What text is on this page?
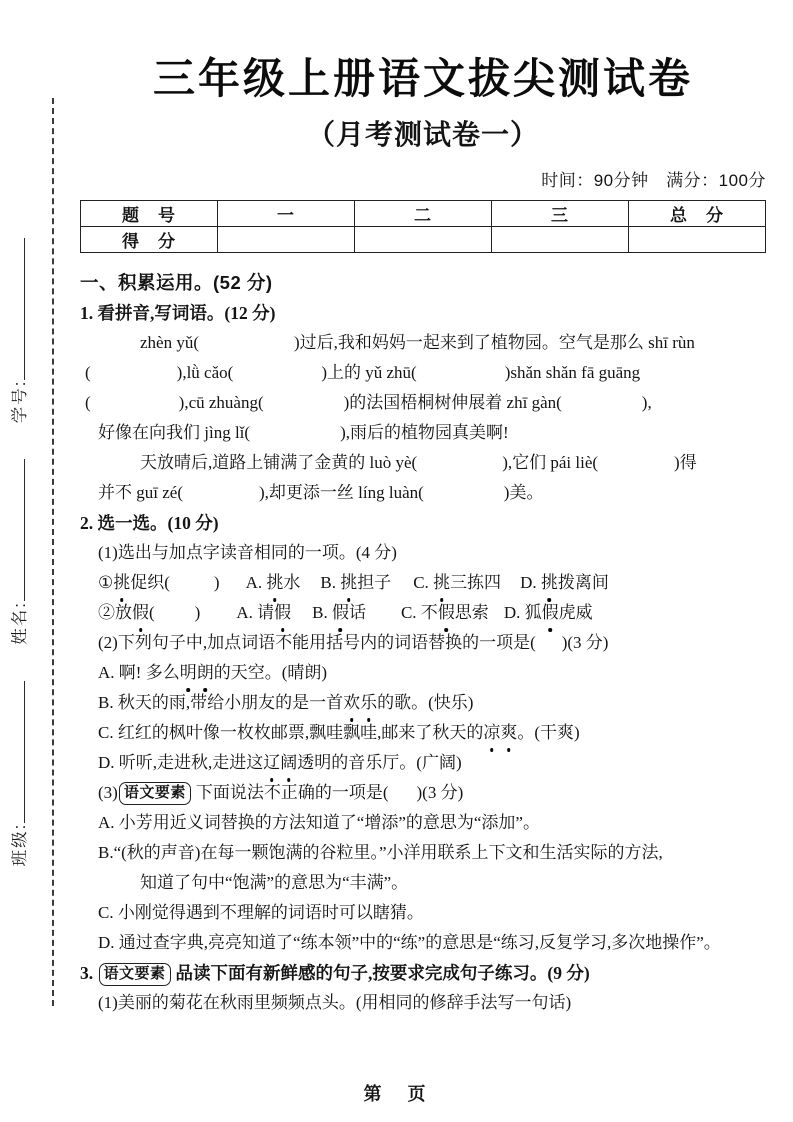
班级:
姓名:
学号:
三年级上册语文拔尖测试卷
（月考测试卷一）
时间：90分钟　满分：100分
题　号	一	二	三	总　分
得　分				
一、积累运用。(52 分)
1. 看拼音,写词语。(12 分)
zhèn yǔ(	)过后,我和妈妈一起来到了植物园。空气是那么 shī rùn
(	),lǜ cǎo(	)上的 yǔ zhū(	)shǎn shǎn fā guāng
(	),cū zhuàng(	)的法国梧桐树伸展着 zhī gàn(	),
好像在向我们 jìng lǐ(	),雨后的植物园真美啊!
天放晴后,道路上铺满了金黄的 luò yè(	),它们 pái liè(	)得
并不 guī zé(	),却更添一丝 líng luàn(	)美。
2. 选一选。(10 分)
(1)选出与加点字读音相同的一项。(4 分)
①挑促织(	) A. 挑水 B. 挑担子 C. 挑三拣四 D. 挑拨离间
②放假( ) A. 请假 B. 假话 C. 不假思索 D. 狐假虎威
(2)下列句子中,加点词语不能用括号内的词语替换的一项是( )(3 分)
A. 啊! 多么明朗的天空。(晴朗)
B. 秋天的雨,带给小朋友的是一首欢乐的歌。(快乐)
C. 红红的枫叶像一枚枚邮票,飘哇飘哇,邮来了秋天的凉爽。(干爽)
D. 听听,走进秋,走进这辽阔透明的音乐厅。(广阔)
(3) 语文要素 下面说法不正确的一项是( )(3 分)
A. 小芳用近义词替换的方法知道了“增添”的意思为“添加”。
B.“(秋的声音)在每一颗饱满的谷粒里。”小洋用联系上下文和生活实际的方法,
知道了句中“饱满”的意思为“丰满”。
C. 小刚觉得遇到不理解的词语时可以瞎猜。
D. 通过查字典,亮亮知道了“练本领”中的“练”的意思是“练习,反复学习,多次地操作”。
3. 语文要素 品读下面有新鲜感的句子,按要求完成句子练习。(9 分)
(1)美丽的菊花在秋雨里频频点头。(用相同的修辞手法写一句话)
第　页
